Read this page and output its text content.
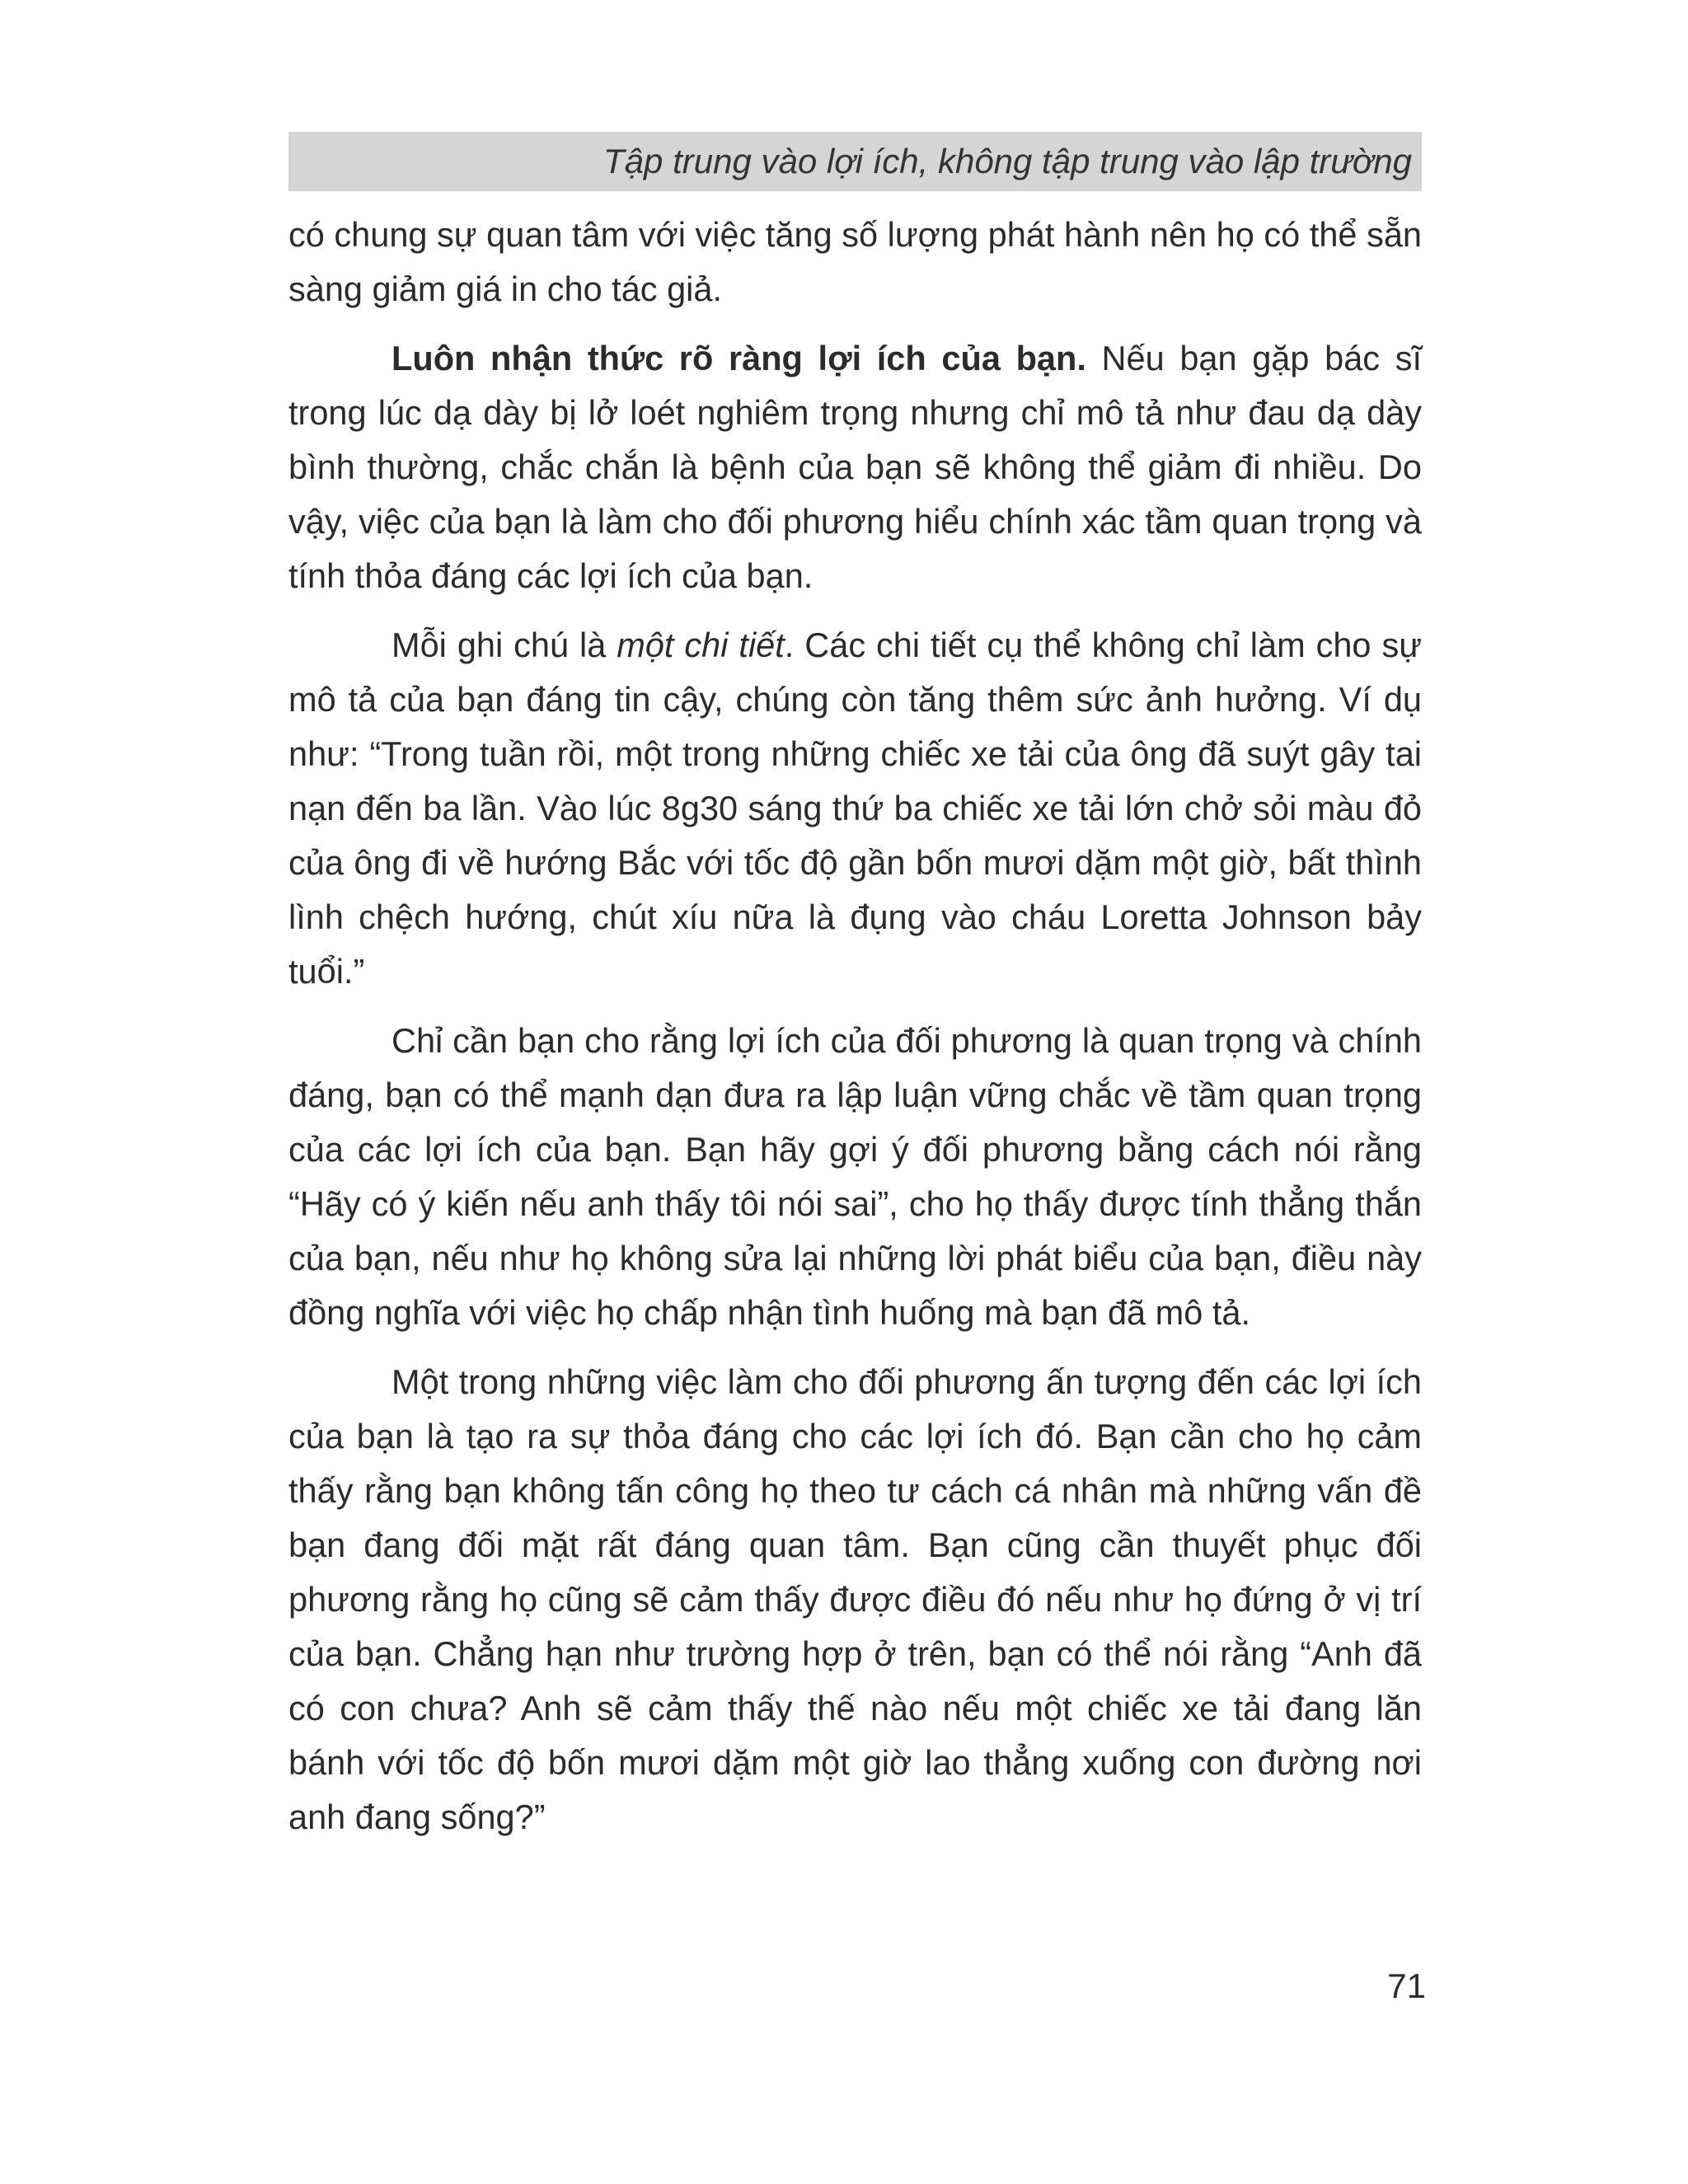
Tập trung vào lợi ích, không tập trung vào lập trường

có chung sự quan tâm với việc tăng số lượng phát hành nên họ có thể sẵn sàng giảm giá in cho tác giả.

Luôn nhận thức rõ ràng lợi ích của bạn. Nếu bạn gặp bác sĩ trong lúc dạ dày bị lở loét nghiêm trọng nhưng chỉ mô tả như đau dạ dày bình thường, chắc chắn là bệnh của bạn sẽ không thể giảm đi nhiều. Do vậy, việc của bạn là làm cho đối phương hiểu chính xác tầm quan trọng và tính thỏa đáng các lợi ích của bạn.

Mỗi ghi chú là một chi tiết. Các chi tiết cụ thể không chỉ làm cho sự mô tả của bạn đáng tin cậy, chúng còn tăng thêm sức ảnh hưởng. Ví dụ như: “Trong tuần rồi, một trong những chiếc xe tải của ông đã suýt gây tai nạn đến ba lần. Vào lúc 8g30 sáng thứ ba chiếc xe tải lớn chở sỏi màu đỏ của ông đi về hướng Bắc với tốc độ gần bốn mươi dặm một giờ, bất thình lình chệch hướng, chút xíu nữa là đụng vào cháu Loretta Johnson bảy tuổi.”

Chỉ cần bạn cho rằng lợi ích của đối phương là quan trọng và chính đáng, bạn có thể mạnh dạn đưa ra lập luận vững chắc về tầm quan trọng của các lợi ích của bạn. Bạn hãy gợi ý đối phương bằng cách nói rằng “Hãy có ý kiến nếu anh thấy tôi nói sai”, cho họ thấy được tính thẳng thắn của bạn, nếu như họ không sửa lại những lời phát biểu của bạn, điều này đồng nghĩa với việc họ chấp nhận tình huống mà bạn đã mô tả.

Một trong những việc làm cho đối phương ấn tượng đến các lợi ích của bạn là tạo ra sự thỏa đáng cho các lợi ích đó. Bạn cần cho họ cảm thấy rằng bạn không tấn công họ theo tư cách cá nhân mà những vấn đề bạn đang đối mặt rất đáng quan tâm. Bạn cũng cần thuyết phục đối phương rằng họ cũng sẽ cảm thấy được điều đó nếu như họ đứng ở vị trí của bạn. Chẳng hạn như trường hợp ở trên, bạn có thể nói rằng “Anh đã có con chưa? Anh sẽ cảm thấy thế nào nếu một chiếc xe tải đang lăn bánh với tốc độ bốn mươi dặm một giờ lao thẳng xuống con đường nơi anh đang sống?”

71
